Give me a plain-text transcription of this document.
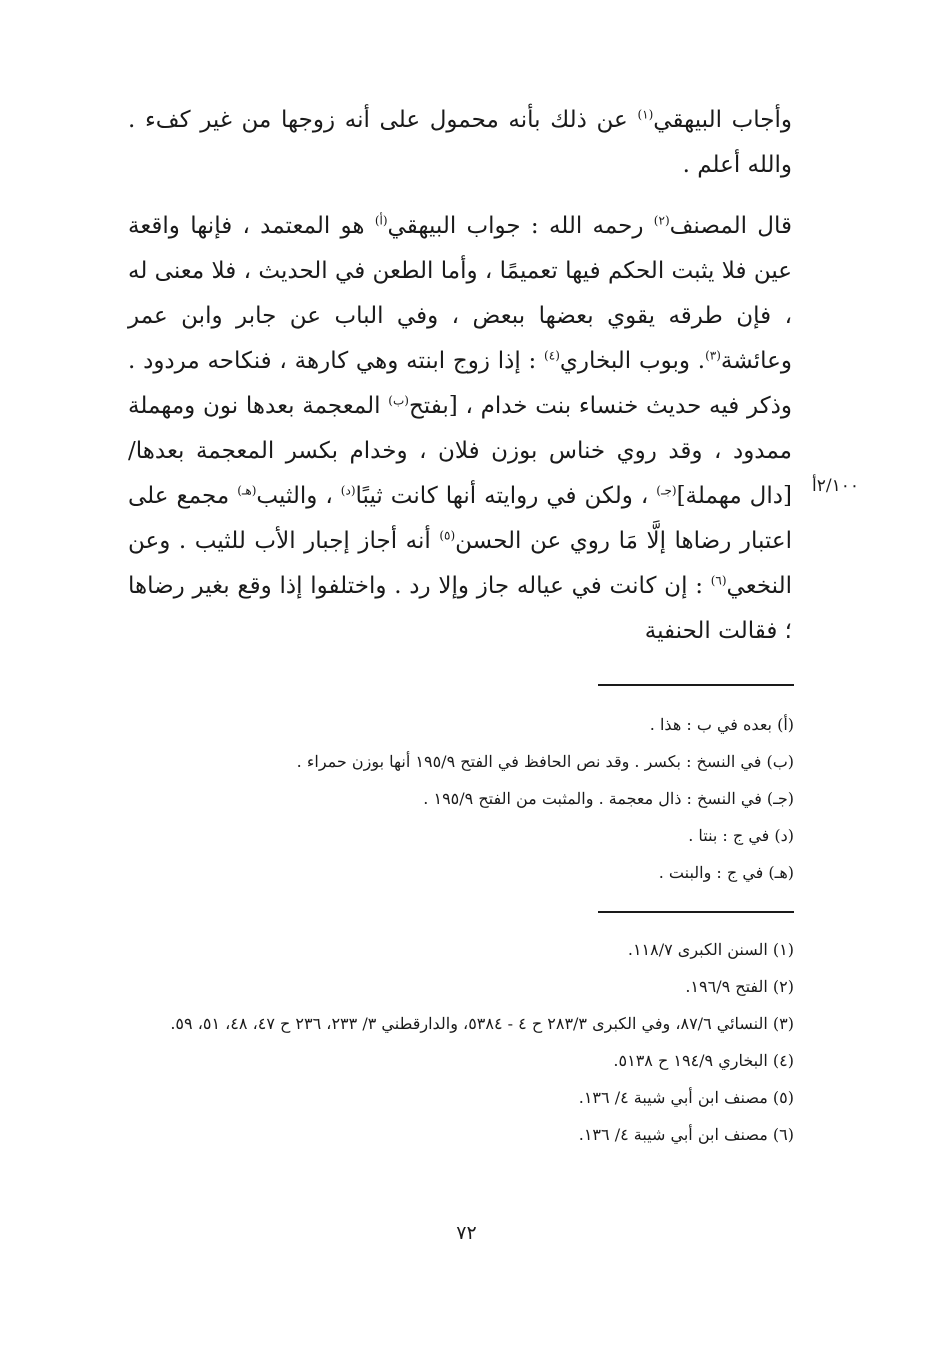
وأجاب البيهقي$^{(١)}$ عن ذلك بأنه محمول على أنه زوجها من غير كفء . والله أعلم .

قال المصنف$^{(٢)}$ رحمه الله : جواب البيهقي$^{(أ)}$ هو المعتمد ، فإنها واقعة عين فلا يثبت الحكم فيها تعميمًا ، وأما الطعن في الحديث ، فلا معنى له ، فإن طرقه يقوي بعضها ببعض ، وفي الباب عن جابر وابن عمر وعائشة$^{(٣)}$. وبوب البخاري$^{(٤)}$ : إذا زوج ابنته وهي كارهة ، فنكاحه مردود . وذكر فيه حديث خنساء بنت خدام ، [بفتح$^{(ب)}$ المعجمة بعدها نون ومهملة ممدود ، وقد روي خناس بوزن فلان ، وخدام بكسر المعجمة بعدها/ [دال مهملة]$^{(جـ)}$ ، ولكن في روايته أنها كانت ثيبًا$^{(د)}$ ، والثيب$^{(هـ)}$ مجمع على اعتبار رضاها إلَّا مَا روي عن الحسن$^{(٥)}$ أنه أجاز إجبار الأب للثيب . وعن النخعي$^{(٦)}$ : إن كانت في عياله جاز وإلا رد . واختلفوا إذا وقع بغير رضاها ؛ فقالت الحنفية

٢/١٠٠أ
(أ) بعده في ب : هذا .
(ب) في النسخ : بكسر . وقد نص الحافظ في الفتح ١٩٥/٩ أنها بوزن حمراء .
(جـ) في النسخ : ذال معجمة . والمثبت من الفتح ١٩٥/٩ .
(د) في ج : بنتا .
(هـ) في ج : والبنت .
(١) السنن الكبرى ١١٨/٧.
(٢) الفتح ١٩٦/٩.
(٣) النسائي ٨٧/٦، وفي الكبرى ٢٨٣/٣ ح ٤ - ٥٣٨٤، والدارقطني ٣/ ٢٣٣، ٢٣٦ ح ٤٧، ٤٨، ٥١، ٥٩.
(٤) البخاري ١٩٤/٩ ح ٥١٣٨.
(٥) مصنف ابن أبي شيبة ٤/ ١٣٦.
(٦) مصنف ابن أبي شيبة ٤/ ١٣٦.
٧٢
